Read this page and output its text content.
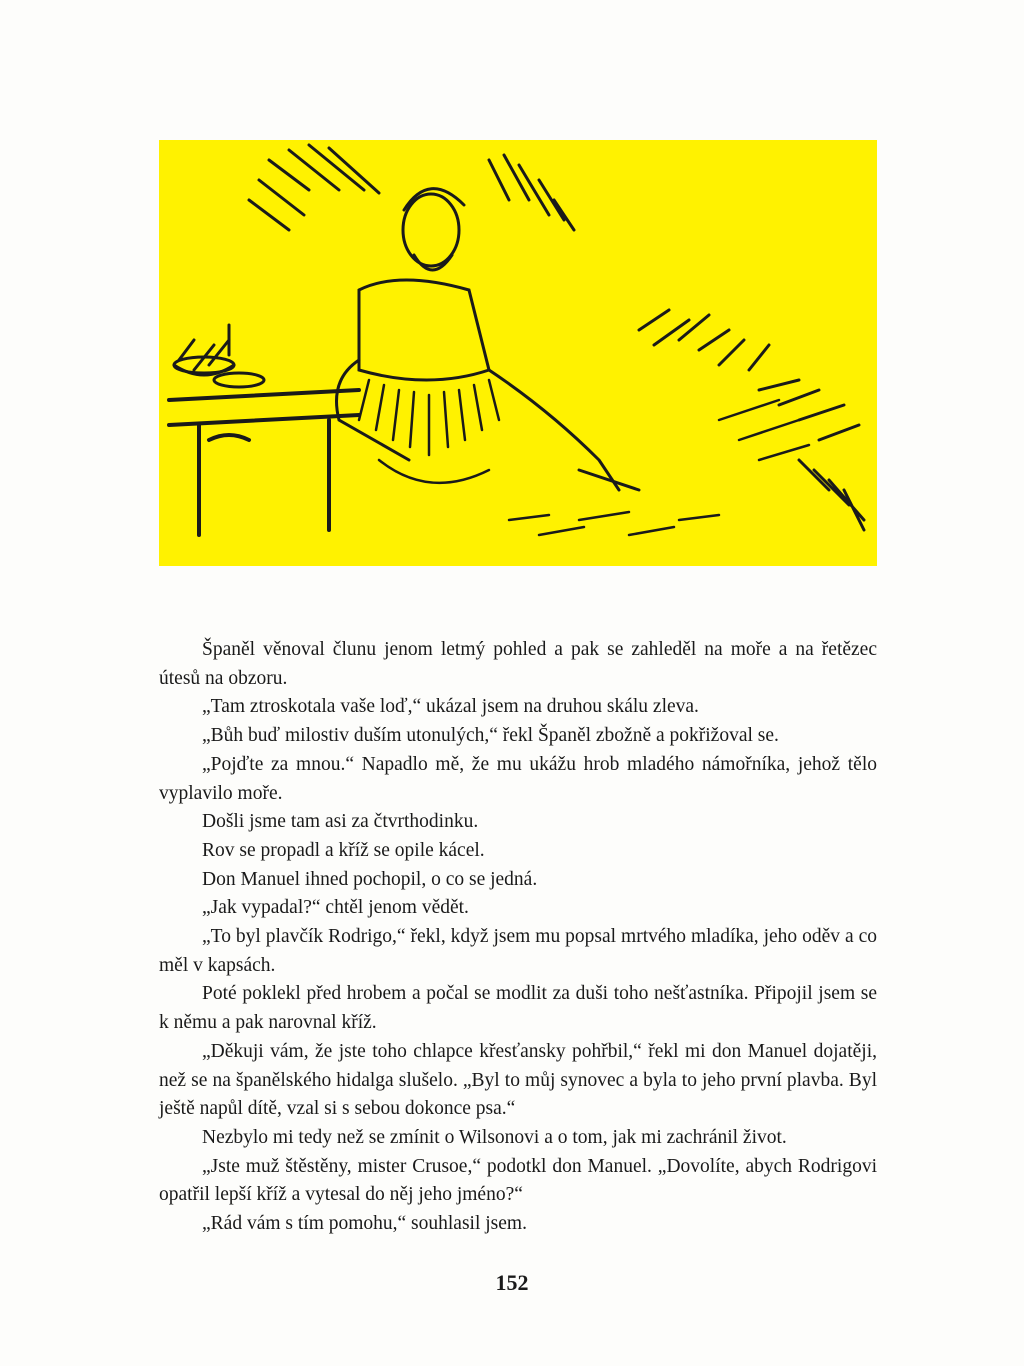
Španěl věnoval člunu jenom letmý pohled a pak se zahleděl na moře a na řetězec útesů na obzoru.

„Tam ztroskotala vaše loď,“ ukázal jsem na druhou skálu zleva.

„Bůh buď milostiv duším utonulých,“ řekl Španěl zbožně a pokřižoval se.

„Pojďte za mnou.“ Napadlo mě, že mu ukážu hrob mladého námořníka, jehož tělo vyplavilo moře.

Došli jsme tam asi za čtvrthodinku.

Rov se propadl a kříž se opile kácel.

Don Manuel ihned pochopil, o co se jedná.

„Jak vypadal?“ chtěl jenom vědět.

„To byl plavčík Rodrigo,“ řekl, když jsem mu popsal mrtvého mladíka, jeho oděv a co měl v kapsách.

Poté poklekl před hrobem a počal se modlit za duši toho nešťastníka. Připojil jsem se k němu a pak narovnal kříž.

„Děkuji vám, že jste toho chlapce křesťansky pohřbil,“ řekl mi don Manuel dojatěji, než se na španělského hidalga slušelo. „Byl to můj synovec a byla to jeho první plavba. Byl ještě napůl dítě, vzal si s sebou dokonce psa.“

Nezbylo mi tedy než se zmínit o Wilsonovi a o tom, jak mi zachránil život.

„Jste muž štěstěny, mister Crusoe,“ podotkl don Manuel. „Dovolíte, abych Rodrigovi opatřil lepší kříž a vytesal do něj jeho jméno?“

„Rád vám s tím pomohu,“ souhlasil jsem.

152
